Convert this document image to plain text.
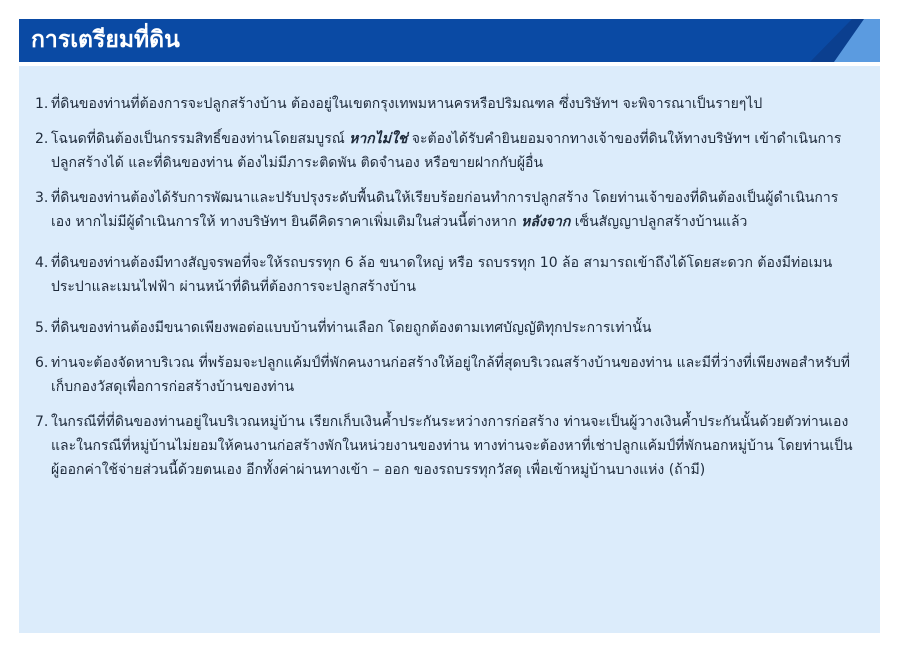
การเตรียมที่ดิน
1. ที่ดินของท่านที่ต้องการจะปลูกสร้างบ้าน ต้องอยู่ในเขตกรุงเทพมหานครหรือปริมณฑล ซึ่งบริษัทฯ จะพิจารณาเป็นรายๆไป
2. โฉนดที่ดินต้องเป็นกรรมสิทธิ์ของท่านโดยสมบูรณ์ หากไม่ใช่ จะต้องได้รับคำยินยอมจากทางเจ้าของที่ดินให้ทางบริษัทฯ เข้าดำเนินการปลูกสร้างได้ และที่ดินของท่าน ต้องไม่มีภาระติดพัน ติดจำนอง หรือขายฝากกับผู้อื่น
3. ที่ดินของท่านต้องได้รับการพัฒนาและปรับปรุงระดับพื้นดินให้เรียบร้อยก่อนทำการปลูกสร้าง โดยท่านเจ้าของที่ดินต้องเป็นผู้ดำเนินการเอง หากไม่มีผู้ดำเนินการให้ ทางบริษัทฯ ยินดีคิดราคาเพิ่มเติมในส่วนนี้ต่างหาก หลังจาก เซ็นสัญญาปลูกสร้างบ้านแล้ว
4. ที่ดินของท่านต้องมีทางสัญจรพอที่จะให้รถบรรทุก 6 ล้อ ขนาดใหญ่ หรือ รถบรรทุก 10 ล้อ สามารถเข้าถึงได้โดยสะดวก ต้องมีท่อเมนประปาและเมนไฟฟ้า ผ่านหน้าที่ดินที่ต้องการจะปลูกสร้างบ้าน
5. ที่ดินของท่านต้องมีขนาดเพียงพอต่อแบบบ้านที่ท่านเลือก โดยถูกต้องตามเทศบัญญัติทุกประการเท่านั้น
6. ท่านจะต้องจัดหาบริเวณ ที่พร้อมจะปลูกแค้มป์ที่พักคนงานก่อสร้างให้อยู่ใกล้ที่สุดบริเวณสร้างบ้านของท่าน และมีที่ว่างที่เพียงพอสำหรับที่เก็บกองวัสดุเพื่อการก่อสร้างบ้านของท่าน
7. ในกรณีที่ที่ดินของท่านอยู่ในบริเวณหมู่บ้าน เรียกเก็บเงินค้ำประกันระหว่างการก่อสร้าง ท่านจะเป็นผู้วางเงินค้ำประกันนั้นด้วยตัวท่านเอง และในกรณีที่หมู่บ้านไม่ยอมให้คนงานก่อสร้างพักในหน่วยงานของท่าน ทางท่านจะต้องหาที่เช่าปลูกแค้มป์ที่พักนอกหมู่บ้าน โดยท่านเป็นผู้ออกค่าใช้จ่ายส่วนนี้ด้วยตนเอง อีกทั้งค่าผ่านทางเข้า – ออก ของรถบรรทุกวัสดุ เพื่อเข้าหมู่บ้านบางแห่ง (ถ้ามี)
